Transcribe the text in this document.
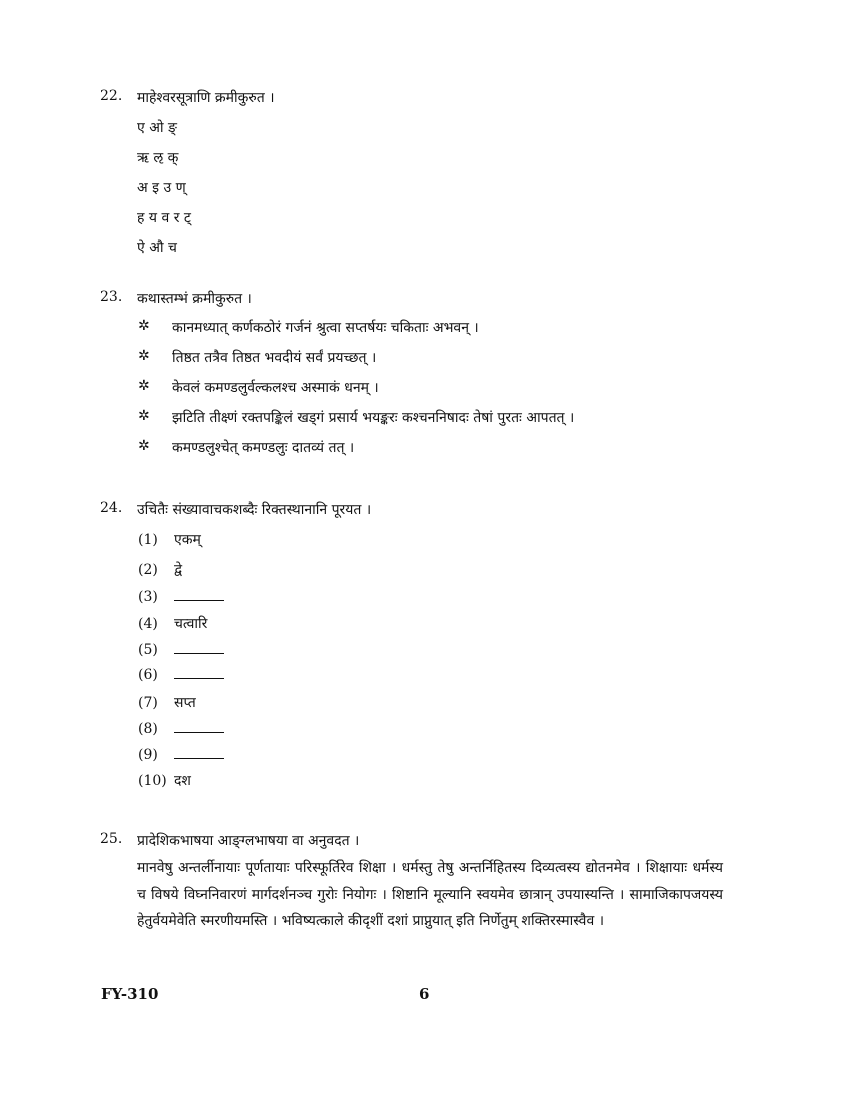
22.	माहेश्वरसूत्राणि क्रमीकुरुत ।
ए ओ ङ्
ऋ ऌ क्
अ इ उ ण्
ह य व र ट्
ऐ औ च
23.	कथास्तम्भं क्रमीकुरुत ।
✲ कानमध्यात् कर्णकठोरं गर्जनं श्रुत्वा सप्तर्षयः चकिताः अभवन् ।
✲ तिष्ठत तत्रैव तिष्ठत भवदीयं सर्वं प्रयच्छत् ।
✲ केवलं कमण्डलुर्वल्कलश्च अस्माकं धनम् ।
✲ झटिति तीक्ष्णं रक्तपङ्किलं खड्गं प्रसार्य भयङ्करः कश्चननिषादः तेषां पुरतः आपतत् ।
✲ कमण्डलुश्चेत् कमण्डलुः दातव्यं तत् ।
24.	उचितैः संख्यावाचकशब्दैः रिक्तस्थानानि पूरयत ।
(1) एकम्
(2) द्वे
(3)
(4) चत्वारि
(5)
(6)
(7) सप्त
(8)
(9)
(10) दश
25.	प्रादेशिकभाषया आङ्ग्लभाषया वा अनुवदत ।
मानवेषु अन्तर्लीनायाः पूर्णतायाः परिस्फूर्तिरेव शिक्षा । धर्मस्तु तेषु अन्तर्निहितस्य दिव्यत्वस्य द्योतनमेव । शिक्षायाः धर्मस्य च विषये विघ्ननिवारणं मार्गदर्शनञ्च गुरोः नियोगः । शिष्टानि मूल्यानि स्वयमेव छात्रान् उपयास्यन्ति । सामाजिकापजयस्य हेतुर्वयमेवेति स्मरणीयमस्ति । भविष्यत्काले कीदृशीं दशां प्राप्नुयात् इति निर्णेतुम् शक्तिरस्मास्वैव ।
FY-310	6
